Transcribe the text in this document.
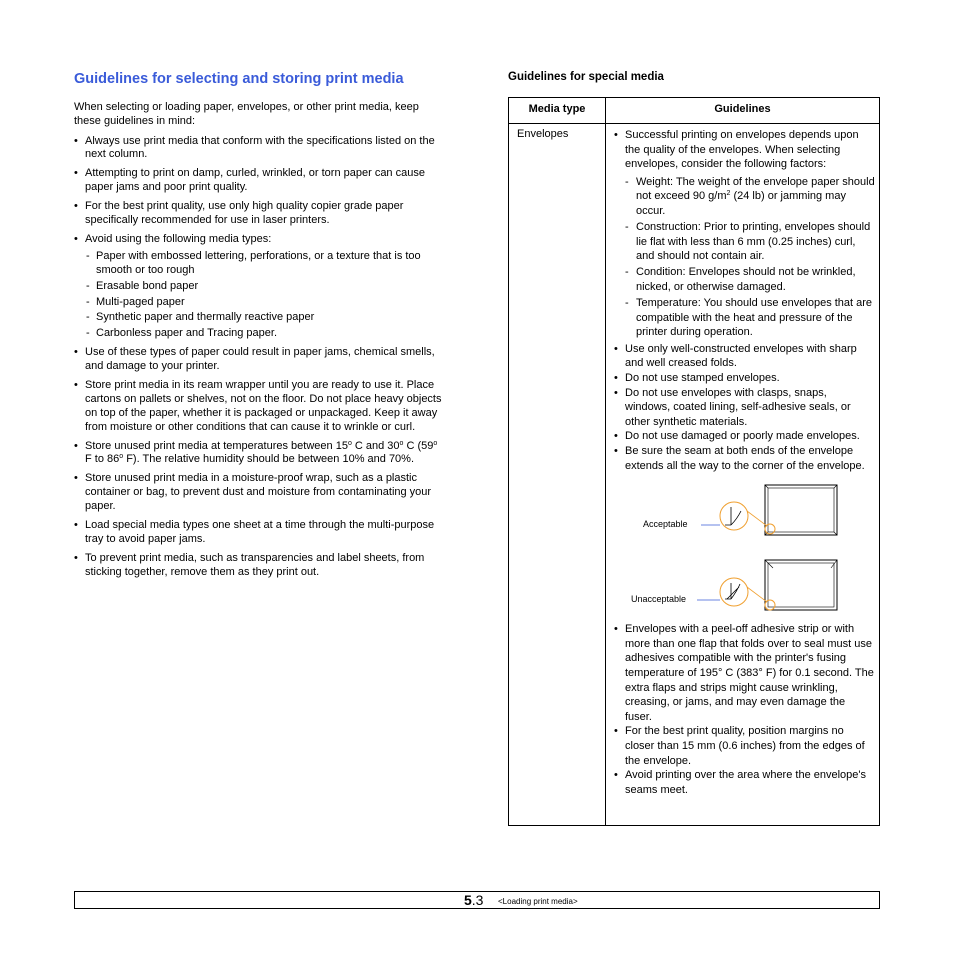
Guidelines for selecting and storing print media

When selecting or loading paper, envelopes, or other print media, keep these guidelines in mind:

• Always use print media that conform with the specifications listed on the next column.
• Attempting to print on damp, curled, wrinkled, or torn paper can cause paper jams and poor print quality.
• For the best print quality, use only high quality copier grade paper specifically recommended for use in laser printers.
• Avoid using the following media types:
- Paper with embossed lettering, perforations, or a texture that is too smooth or too rough
- Erasable bond paper
- Multi-paged paper
- Synthetic paper and thermally reactive paper
- Carbonless paper and Tracing paper.
• Use of these types of paper could result in paper jams, chemical smells, and damage to your printer.
• Store print media in its ream wrapper until you are ready to use it. Place cartons on pallets or shelves, not on the floor. Do not place heavy objects on top of the paper, whether it is packaged or unpackaged. Keep it away from moisture or other conditions that can cause it to wrinkle or curl.
• Store unused print media at temperatures between 15$^o$ C and 30$^o$ C (59$^o$ F to 86$^o$ F). The relative humidity should be between 10% and 70%.
• Store unused print media in a moisture-proof wrap, such as a plastic container or bag, to prevent dust and moisture from contaminating your paper.
• Load special media types one sheet at a time through the multi-purpose tray to avoid paper jams.
• To prevent print media, such as transparencies and label sheets, from sticking together, remove them as they print out.
Guidelines for special media
Media type	Guidelines
Envelopes
•	Successful printing on envelopes depends upon the quality of the envelopes. When selecting envelopes, consider the following factors:
- Weight: The weight of the envelope paper should not exceed 90 $g/m^2$ (24 lb) or jamming may occur.
- Construction: Prior to printing, envelopes should lie flat with less than 6 mm (0.25 inches) curl, and should not contain air.
- Condition: Envelopes should not be wrinkled, nicked, or otherwise damaged.
- Temperature: You should use envelopes that are compatible with the heat and pressure of the printer during operation.
• Use only well-constructed envelopes with sharp and well creased folds.
• Do not use stamped envelopes.
• Do not use envelopes with clasps, snaps, windows, coated lining, self-adhesive seals, or other synthetic materials.
• Do not use damaged or poorly made envelopes.
• Be sure the seam at both ends of the envelope extends all the way to the corner of the envelope.
Acceptable
Unacceptable
• Envelopes with a peel-off adhesive strip or with more than one flap that folds over to seal must use adhesives compatible with the printer's fusing temperature of 195° C (383° F) for 0.1 second. The extra flaps and strips might cause wrinkling, creasing, or jams, and may even damage the fuser.
• For the best print quality, position margins no closer than 15 mm (0.6 inches) from the edges of the envelope.
• Avoid printing over the area where the envelope's seams meet.
5.3 <Loading print media>
